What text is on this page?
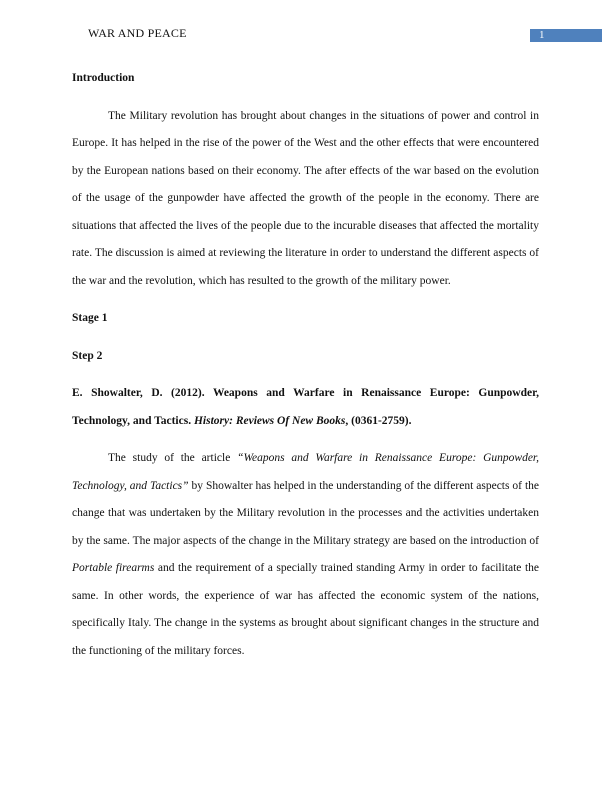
WAR AND PEACE	1
Introduction

The Military revolution has brought about changes in the situations of power and control in Europe. It has helped in the rise of the power of the West and the other effects that were encountered by the European nations based on their economy. The after effects of the war based on the evolution of the usage of the gunpowder have affected the growth of the people in the economy. There are situations that affected the lives of the people due to the incurable diseases that affected the mortality rate. The discussion is aimed at reviewing the literature in order to understand the different aspects of the war and the revolution, which has resulted to the growth of the military power.

Stage 1
Step 2

E. Showalter, D. (2012). Weapons and Warfare in Renaissance Europe: Gunpowder, Technology, and Tactics. History: Reviews Of New Books, (0361-2759).

The study of the article “Weapons and Warfare in Renaissance Europe: Gunpowder, Technology, and Tactics” by Showalter has helped in the understanding of the different aspects of the change that was undertaken by the Military revolution in the processes and the activities undertaken by the same. The major aspects of the change in the Military strategy are based on the introduction of Portable firearms and the requirement of a specially trained standing Army in order to facilitate the same. In other words, the experience of war has affected the economic system of the nations, specifically Italy. The change in the systems as brought about significant changes in the structure and the functioning of the military forces.
